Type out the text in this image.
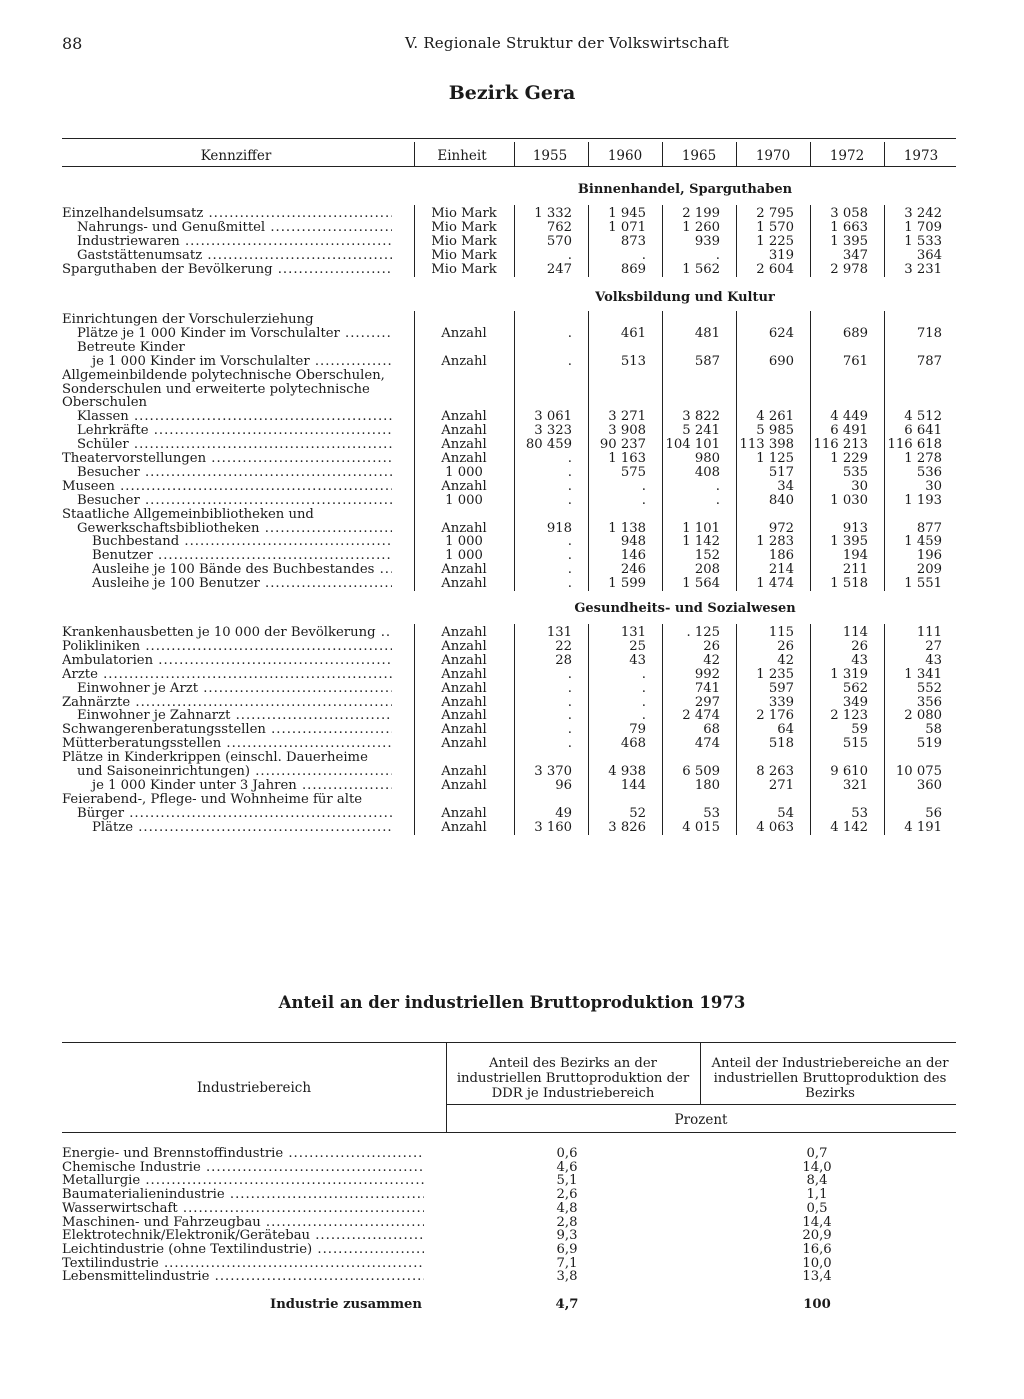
88	V. Regionale Struktur der Volkswirtschaft
Bezirk Gera
Kennziffer	Einheit	1955	1960	1965	1970	1972	1973
Binnenhandel, Sparguthaben
Einzelhandelsumsatz .....	Mio Mark	1 332	1 945	2 199	2 795	3 058	3 242
Nahrungs- und Genußmittel .....	Mio Mark	762	1 071	1 260	1 570	1 663	1 709
Industriewaren .....	Mio Mark	570	873	939	1 225	1 395	1 533
Gaststättenumsatz .....	Mio Mark	.	.	.	319	347	364
Sparguthaben der Bevölkerung .....	Mio Mark	247	869	1 562	2 604	2 978	3 231
Volksbildung und Kultur
Einrichtungen der Vorschulerziehung
Plätze je 1 000 Kinder im Vorschulalter .....	Anzahl	.	461	481	624	689	718
Betreute Kinder
je 1 000 Kinder im Vorschulalter .....	Anzahl	.	513	587	690	761	787
Allgemeinbildende polytechnische Oberschulen,
Sonderschulen und erweiterte polytechnische
Oberschulen
Klassen .....	Anzahl	3 061	3 271	3 822	4 261	4 449	4 512
Lehrkräfte .....	Anzahl	3 323	3 908	5 241	5 985	6 491	6 641
Schüler .....	Anzahl	80 459	90 237	104 101	113 398	116 213	116 618
Theatervorstellungen .....	Anzahl	.	1 163	980	1 125	1 229	1 278
Besucher .....	1 000	.	575	408	517	535	536
Museen .....	Anzahl	.	.	.	34	30	30
Besucher .....	1 000	.	.	.	840	1 030	1 193
Staatliche Allgemeinbibliotheken und
Gewerkschaftsbibliotheken .....	Anzahl	918	1 138	1 101	972	913	877
Buchbestand .....	1 000	.	948	1 142	1 283	1 395	1 459
Benutzer .....	1 000	.	146	152	186	194	196
Ausleihe je 100 Bände des Buchbestandes .....	Anzahl	.	246	208	214	211	209
Ausleihe je 100 Benutzer .....	Anzahl	.	1 599	1 564	1 474	1 518	1 551
Gesundheits- und Sozialwesen
Krankenhausbetten je 10 000 der Bevölkerung .....	Anzahl	131	131	. 125	115	114	111
Polikliniken .....	Anzahl	22	25	26	26	26	27
Ambulatorien .....	Anzahl	28	43	42	42	43	43
Ärzte .....	Anzahl	.	.	992	1 235	1 319	1 341
Einwohner je Arzt .....	Anzahl	.	.	741	597	562	552
Zahnärzte .....	Anzahl	.	.	297	339	349	356
Einwohner je Zahnarzt .....	Anzahl	.	.	2 474	2 176	2 123	2 080
Schwangerenberatungsstellen .....	Anzahl	.	79	68	64	59	58
Mütterberatungsstellen .....	Anzahl	.	468	474	518	515	519
Plätze in Kinderkrippen (einschl. Dauerheime
und Saisoneinrichtungen) .....	Anzahl	3 370	4 938	6 509	8 263	9 610	10 075
je 1 000 Kinder unter 3 Jahren .....	Anzahl	96	144	180	271	321	360
Feierabend-, Pflege- und Wohnheime für alte
Bürger .....	Anzahl	49	52	53	54	53	56
Plätze .....	Anzahl	3 160	3 826	4 015	4 063	4 142	4 191
Anteil an der industriellen Bruttoproduktion 1973
Industriebereich
Anteil des Bezirks an der industriellen Bruttoproduktion der DDR je Industriebereich
Anteil der Industriebereiche an der industriellen Bruttoproduktion des Bezirks
Prozent
Energie- und Brennstoffindustrie .....	0,6	0,7
Chemische Industrie .....	4,6	14,0
Metallurgie .....	5,1	8,4
Baumaterialienindustrie .....	2,6	1,1
Wasserwirtschaft .....	4,8	0,5
Maschinen- und Fahrzeugbau .....	2,8	14,4
Elektrotechnik/Elektronik/Gerätebau .....	9,3	20,9
Leichtindustrie (ohne Textilindustrie) .....	6,9	16,6
Textilindustrie .....	7,1	10,0
Lebensmittelindustrie .....	3,8	13,4
Industrie zusammen	4,7	100
